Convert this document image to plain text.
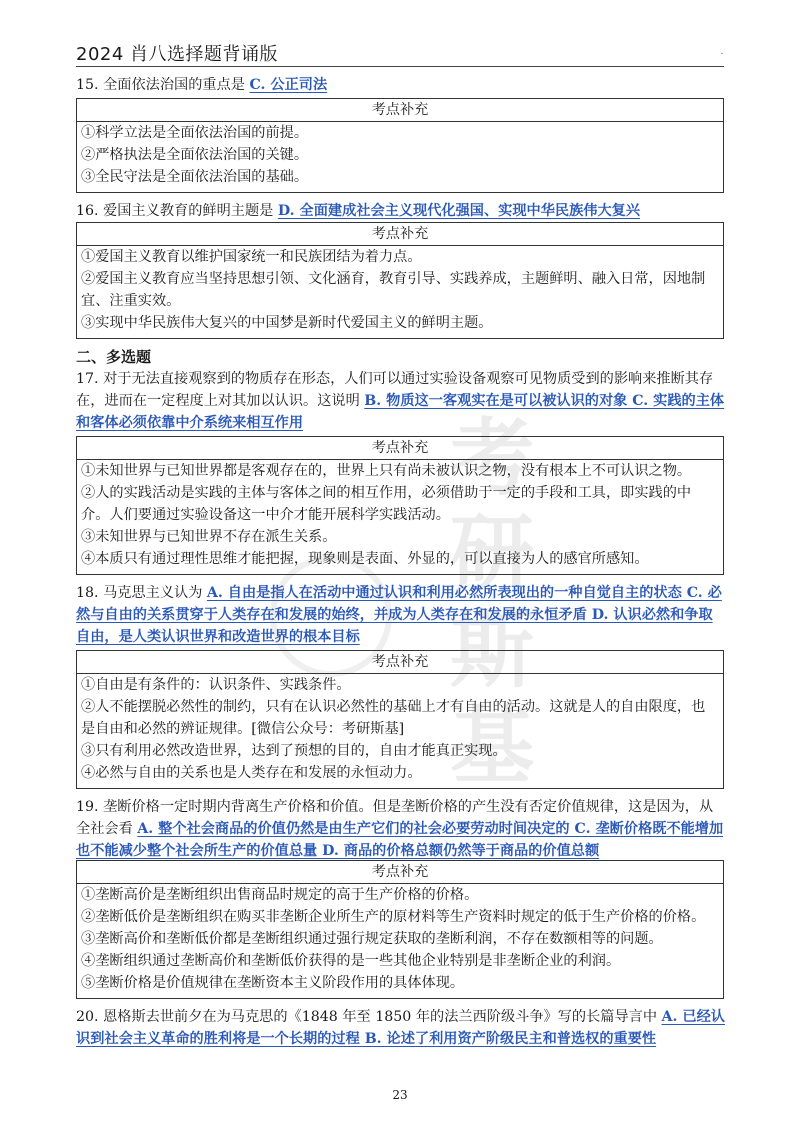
2024 肖八选择题背诵版	.
考研斯基
15. 全面依法治国的重点是 C. 公正司法
考点补充
①科学立法是全面依法治国的前提。
②严格执法是全面依法治国的关键。
③全民守法是全面依法治国的基础。
16. 爱国主义教育的鲜明主题是 D. 全面建成社会主义现代化强国、实现中华民族伟大复兴
考点补充
①爱国主义教育以维护国家统一和民族团结为着力点。
②爱国主义教育应当坚持思想引领、文化涵育，教育引导、实践养成，主题鲜明、融入日常，因地制宜、注重实效。
③实现中华民族伟大复兴的中国梦是新时代爱国主义的鲜明主题。
二、多选题
17. 对于无法直接观察到的物质存在形态，人们可以通过实验设备观察可见物质受到的影响来推断其存在，进而在一定程度上对其加以认识。这说明 B. 物质这一客观实在是可以被认识的对象 C. 实践的主体和客体必须依靠中介系统来相互作用
考点补充
①未知世界与已知世界都是客观存在的，世界上只有尚未被认识之物，没有根本上不可认识之物。
②人的实践活动是实践的主体与客体之间的相互作用，必须借助于一定的手段和工具，即实践的中介。人们要通过实验设备这一中介才能开展科学实践活动。
③未知世界与已知世界不存在派生关系。
④本质只有通过理性思维才能把握，现象则是表面、外显的，可以直接为人的感官所感知。
18. 马克思主义认为 A. 自由是指人在活动中通过认识和利用必然所表现出的一种自觉自主的状态 C. 必然与自由的关系贯穿于人类存在和发展的始终，并成为人类存在和发展的永恒矛盾 D. 认识必然和争取自由，是人类认识世界和改造世界的根本目标
考点补充
①自由是有条件的：认识条件、实践条件。
②人不能摆脱必然性的制约，只有在认识必然性的基础上才有自由的活动。这就是人的自由限度，也是自由和必然的辨证规律。[微信公众号：考研斯基]
③只有利用必然改造世界，达到了预想的目的，自由才能真正实现。
④必然与自由的关系也是人类存在和发展的永恒动力。
19. 垄断价格一定时期内背离生产价格和价值。但是垄断价格的产生没有否定价值规律，这是因为，从全社会看 A. 整个社会商品的价值仍然是由生产它们的社会必要劳动时间决定的 C. 垄断价格既不能增加也不能减少整个社会所生产的价值总量 D. 商品的价格总额仍然等于商品的价值总额
考点补充
①垄断高价是垄断组织出售商品时规定的高于生产价格的价格。
②垄断低价是垄断组织在购买非垄断企业所生产的原材料等生产资料时规定的低于生产价格的价格。
③垄断高价和垄断低价都是垄断组织通过强行规定获取的垄断利润，不存在数额相等的问题。
④垄断组织通过垄断高价和垄断低价获得的是一些其他企业特别是非垄断企业的利润。
⑤垄断价格是价值规律在垄断资本主义阶段作用的具体体现。
20. 恩格斯去世前夕在为马克思的《1848 年至 1850 年的法兰西阶级斗争》写的长篇导言中 A. 已经认识到社会主义革命的胜利将是一个长期的过程 B. 论述了利用资产阶级民主和普选权的重要性
23
